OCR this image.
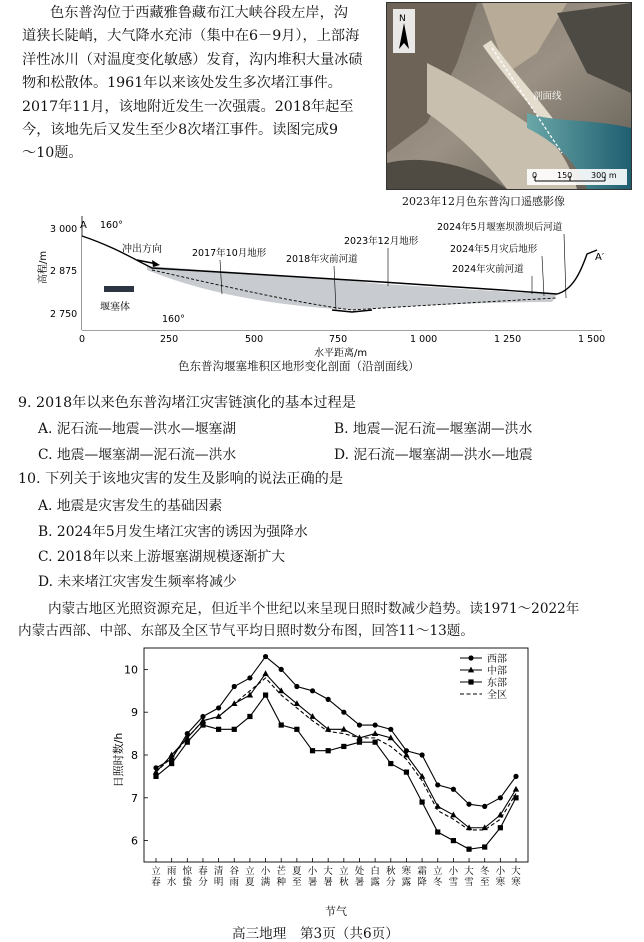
色东普沟位于西藏雅鲁藏布江大峡谷段左岸，沟
道狭长陡峭，大气降水充沛（集中在6－9月），上部海
洋性冰川（对温度变化敏感）发育，沟内堆积大量冰碛
物和松散体。1961年以来该处发生多次堵江事件。
2017年11月，该地附近发生一次强震。2018年起至
今，该地先后又发生至少8次堵江事件。读图完成9
～10题。
N
剖面线
0 150 300 m
2023年12月色东普沟口遥感影像
3 000
2 875
2 750
高程/m
0	250	500	750	1 000	1 250	1 500
水平距离/m
A
A′
160°
160°
冲出方向
堰塞体
2017年10月地形
2023年12月地形
2018年灾前河道
2024年5月堰塞坝溃坝后河道
2024年5月灾后地形
2024年灾前河道
色东普沟堰塞堆积区地形变化剖面（沿剖面线）
9. 2018年以来色东普沟堵江灾害链演化的基本过程是
A. 泥石流—地震—洪水—堰塞湖	B. 地震—泥石流—堰塞湖—洪水
C. 地震—堰塞湖—泥石流—洪水	D. 泥石流—堰塞湖—洪水—地震
10. 下列关于该地灾害的发生及影响的说法正确的是
A. 地震是灾害发生的基础因素
B. 2024年5月发生堵江灾害的诱因为强降水
C. 2018年以来上游堰塞湖规模逐渐扩大
D. 未来堵江灾害发生频率将减少
内蒙古地区光照资源充足，但近半个世纪以来呈现日照时数减少趋势。读1971～2022年
内蒙古西部、中部、东部及全区节气平均日照时数分布图，回答11～13题。
日照时数/h
节气
6
7
8
9
10
立春
雨水
惊蛰
春分
清明
谷雨
立夏
小满
芒种
夏至
小暑
大暑
立秋
处暑
白露
秋分
寒露
霜降
立冬
小雪
大雪
冬至
小寒
大寒
西部
中部
东部
全区
高三地理　第3页（共6页）
